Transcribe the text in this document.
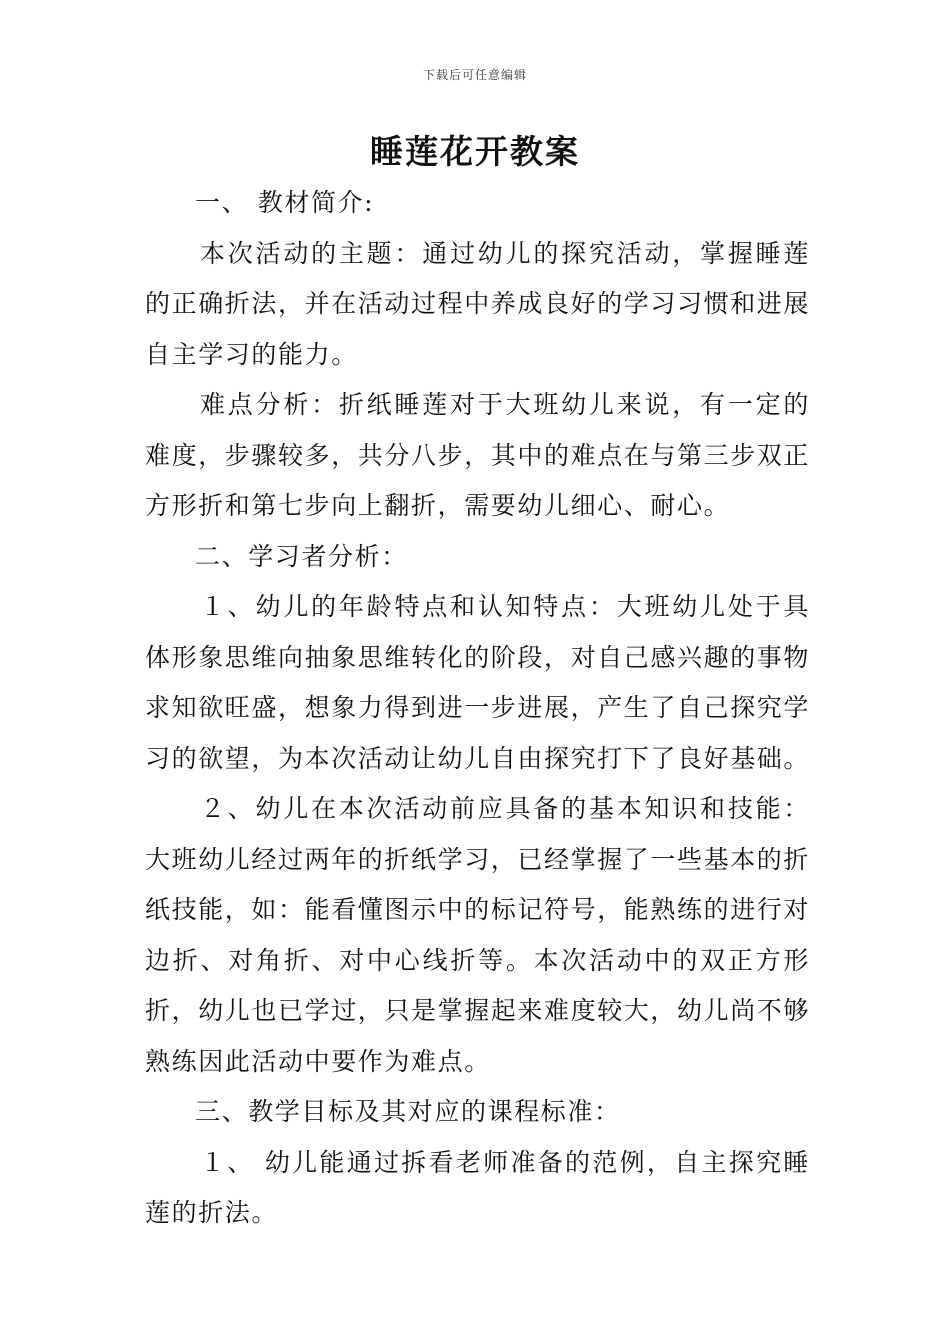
下载后可任意编辑
睡莲花开教案

一、 教材简介:

本次活动的主题：通过幼儿的探究活动，掌握睡莲的正确折法，并在活动过程中养成良好的学习习惯和进展自主学习的能力。

难点分析：折纸睡莲对于大班幼儿来说，有一定的难度，步骤较多，共分八步，其中的难点在与第三步双正方形折和第七步向上翻折，需要幼儿细心、耐心。

二、学习者分析：

１、幼儿的年龄特点和认知特点：大班幼儿处于具体形象思维向抽象思维转化的阶段，对自己感兴趣的事物求知欲旺盛，想象力得到进一步进展，产生了自己探究学习的欲望，为本次活动让幼儿自由探究打下了良好基础。

２、幼儿在本次活动前应具备的基本知识和技能：大班幼儿经过两年的折纸学习，已经掌握了一些基本的折纸技能，如：能看懂图示中的标记符号，能熟练的进行对边折、对角折、对中心线折等。本次活动中的双正方形折，幼儿也已学过，只是掌握起来难度较大，幼儿尚不够熟练因此活动中要作为难点。

三、教学目标及其对应的课程标准：

１、 幼儿能通过拆看老师准备的范例，自主探究睡莲的折法。
